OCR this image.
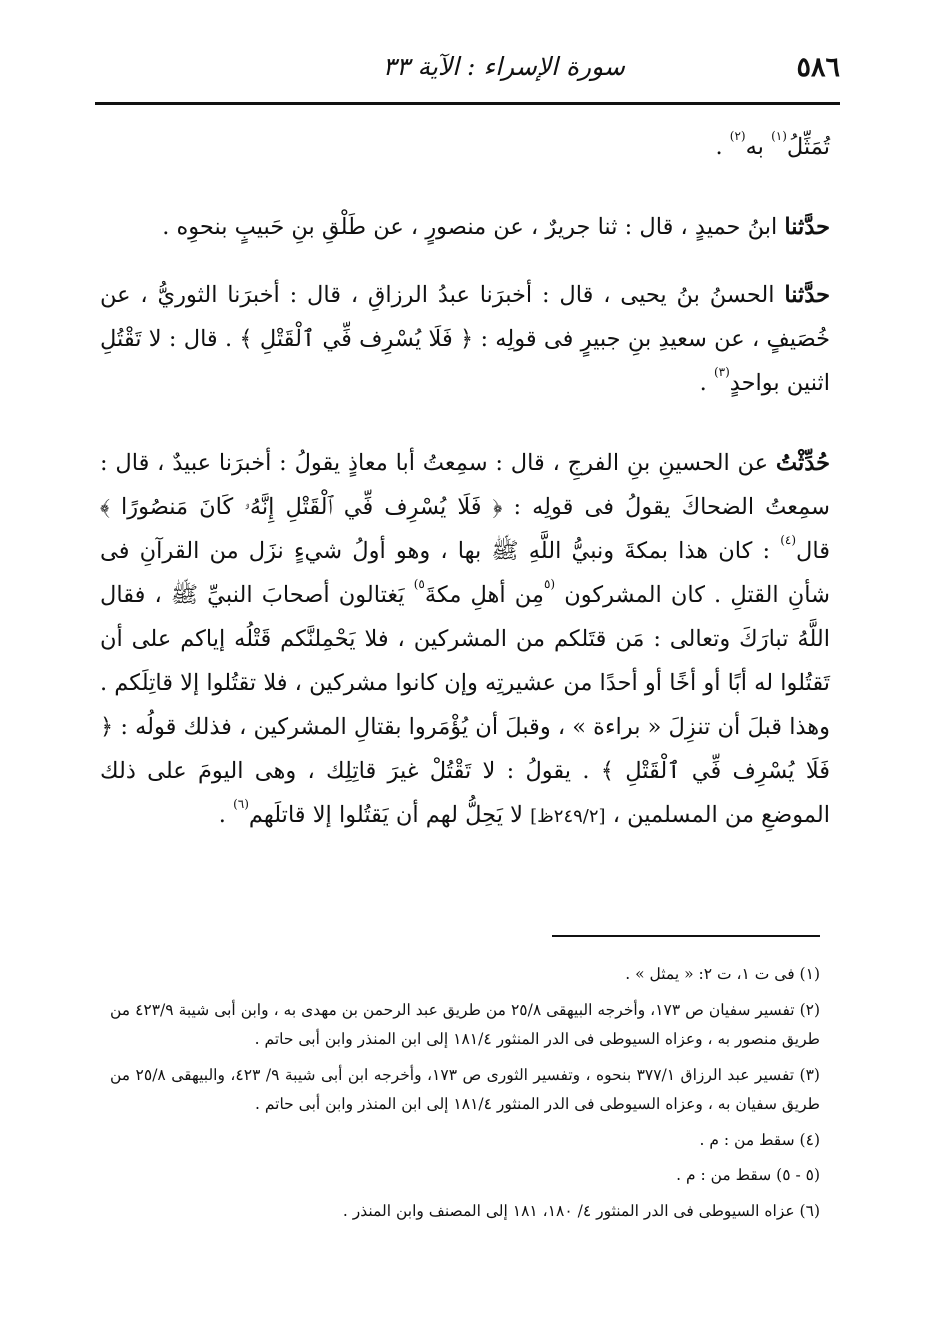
٥٨٦
سورة الإسراء : الآية ٣٣

تُمَثِّلُ$^{(١)}$ به$^{(٢)}$ .

حدَّثنا ابنُ حميدٍ ، قال : ثنا جريرٌ ، عن منصورٍ ، عن طَلْقِ بنِ حَبيبٍ بنحوِه .

حدَّثنا الحسنُ بنُ يحيى ، قال : أخبرَنا عبدُ الرزاقِ ، قال : أخبرَنا الثوريُّ ، عن خُصَيفٍ ، عن سعيدِ بنِ جبيرٍ فى قولِه : ﴿ فَلَا يُسْرِف فِّي ٱلْقَتْلِ ﴾ . قال : لا تَقْتُلِ اثنين بواحدٍ$^{(٣)}$ .

حُدِّثْتُ عن الحسينِ بنِ الفرجِ ، قال : سمِعتُ أبا معاذٍ يقولُ : أخبرَنا عبيدٌ ، قال : سمِعتُ الضحاكَ يقولُ فى قولِه : ﴿ فَلَا يُسْرِف فِّي ٱلْقَتْلِ إِنَّهُۥ كَانَ مَنصُورًا ﴾ قال$^{(٤)}$ : كان هذا بمكةَ ونبيُّ اللَّهِ ﷺ بها ، وهو أولُ شيءٍ نزَل من القرآنِ فى شأنِ القتلِ . كان المشركون $^{(٥}$مِن أهلِ مكةَ$^{٥)}$ يَغتالون أصحابَ النبيِّ ﷺ ، فقال اللَّهُ تبارَكَ وتعالى : مَن قتَلكم من المشركين ، فلا يَحْمِلنَّكم قَتْلُه إياكم على أن تَقتُلوا له أبًا أو أخًا أو أحدًا من عشيرتِه وإن كانوا مشركين ، فلا تقتُلوا إلا قاتِلَكم . وهذا قبلَ أن تنزِلَ « براءة » ، وقبلَ أن يُؤْمَروا بقتالِ المشركين ، فذلك قولُه : ﴿ فَلَا يُسْرِف فِّي ٱلْقَتْلِ ﴾ . يقولُ : لا تَقْتُلْ غيرَ قاتِلِك ، وهى اليومَ على ذلك الموضعِ من المسلمين ، [٢٤٩/٢ظ] لا يَحِلُّ لهم أن يَقتُلوا إلا قاتلَهم$^{(٦)}$ .

(١) فى ت ١، ت ٢: « يمثل » .

(٢) تفسير سفيان ص ١٧٣، وأخرجه البيهقى ٢٥/٨ من طريق عبد الرحمن بن مهدى به ، وابن أبى شيبة ٤٢٣/٩ من طريق منصور به ، وعزاه السيوطى فى الدر المنثور ١٨١/٤ إلى ابن المنذر وابن أبى حاتم .

(٣) تفسير عبد الرزاق ٣٧٧/١ بنحوه ، وتفسير الثورى ص ١٧٣، وأخرجه ابن أبى شيبة ٩/ ٤٢٣، والبيهقى ٢٥/٨ من طريق سفيان به ، وعزاه السيوطى فى الدر المنثور ١٨١/٤ إلى ابن المنذر وابن أبى حاتم .

(٤) سقط من : م .

(٥ - ٥) سقط من : م .

(٦) عزاه السيوطى فى الدر المنثور ٤/ ١٨٠، ١٨١ إلى المصنف وابن المنذر .
